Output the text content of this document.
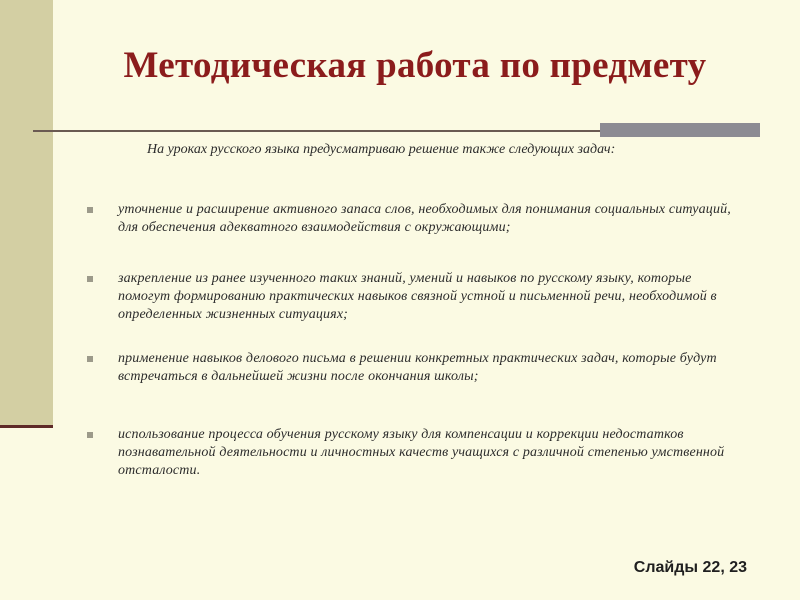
Методическая работа по предмету

На уроках русского языка предусматриваю решение также следующих задач:

уточнение и расширение активного запаса слов, необходимых для понимания социальных ситуаций, для обеспечения адекватного взаимодействия с окружающими;
закрепление из ранее изученного таких знаний, умений и навыков по русскому языку, которые помогут формированию практических навыков связной устной и письменной речи, необходимой в определенных жизненных ситуациях;
применение навыков делового письма в решении конкретных практических задач, которые будут встречаться в дальнейшей жизни после окончания школы;
использование процесса обучения русскому языку для компенсации и коррекции недостатков познавательной деятельности и личностных качеств учащихся с различной степенью умственной отсталости.
Слайды 22, 23
